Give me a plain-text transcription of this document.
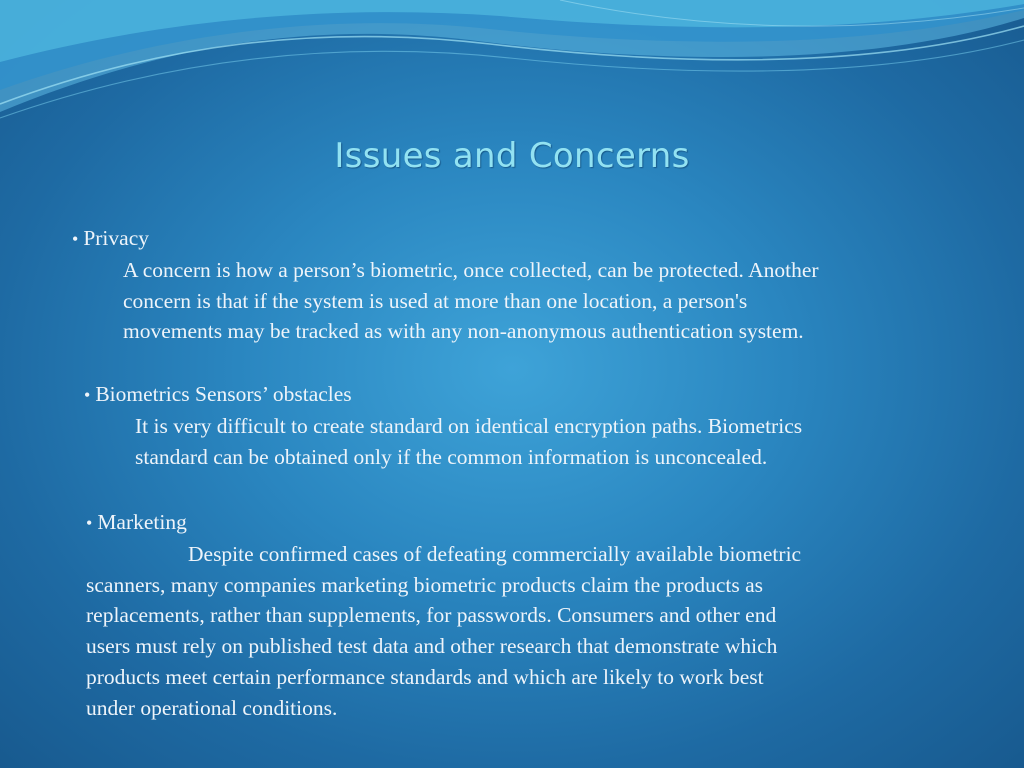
Issues and Concerns
• Privacy
A concern is how a person’s biometric, once collected, can be protected. Another
concern is that if the system is used at more than one location, a person's
movements may be tracked as with any non-anonymous authentication system.
• Biometrics Sensors’ obstacles
It is very difficult to create standard on identical encryption paths. Biometrics
standard can be obtained only if the common information is unconcealed.
• Marketing
Despite confirmed cases of defeating commercially available biometric
scanners, many companies marketing biometric products claim the products as
replacements, rather than supplements, for passwords. Consumers and other end
users must rely on published test data and other research that demonstrate which
products meet certain performance standards and which are likely to work best
under operational conditions.
